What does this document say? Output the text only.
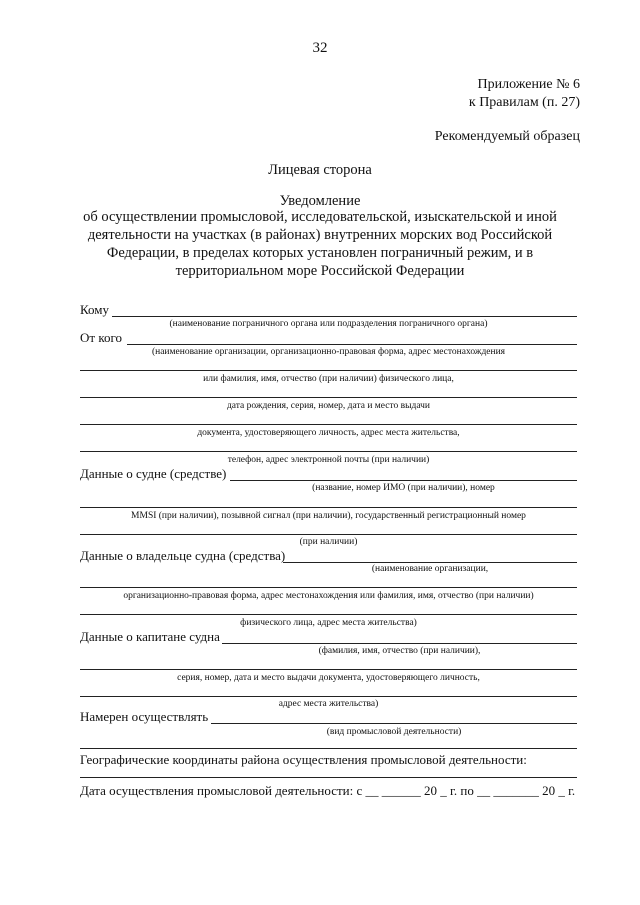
32
Приложение № 6
к Правилам (п. 27)
Рекомендуемый образец
Лицевая сторона
Уведомление
об осуществлении промысловой, исследовательской, изыскательской и иной деятельности на участках (в районах) внутренних морских вод Российской Федерации, в пределах которых установлен пограничный режим, и в территориальном море Российской Федерации
Кому
(наименование пограничного органа или подразделения пограничного органа)
От кого
(наименование организации, организационно-правовая форма, адрес местонахождения
или фамилия, имя, отчество (при наличии) физического лица,
дата рождения, серия, номер, дата и место выдачи
документа, удостоверяющего личность, адрес места жительства,
телефон, адрес электронной почты (при наличии)
Данные о судне (средстве)
(название, номер ИМО (при наличии), номер
MMSI (при наличии), позывной сигнал (при наличии), государственный регистрационный номер
(при наличии)
Данные о владельце судна (средства)
(наименование организации,
организационно-правовая форма, адрес местонахождения или фамилия, имя, отчество (при наличии)
физического лица, адрес места жительства)
Данные о капитане судна
(фамилия, имя, отчество (при наличии),
серия, номер, дата и место выдачи документа, удостоверяющего личность,
адрес места жительства)
Намерен осуществлять
(вид промысловой деятельности)
Географические координаты района осуществления промысловой деятельности:
Дата осуществления промысловой деятельности: с __ ______ 20 _ г. по __ _______ 20 _ г.
